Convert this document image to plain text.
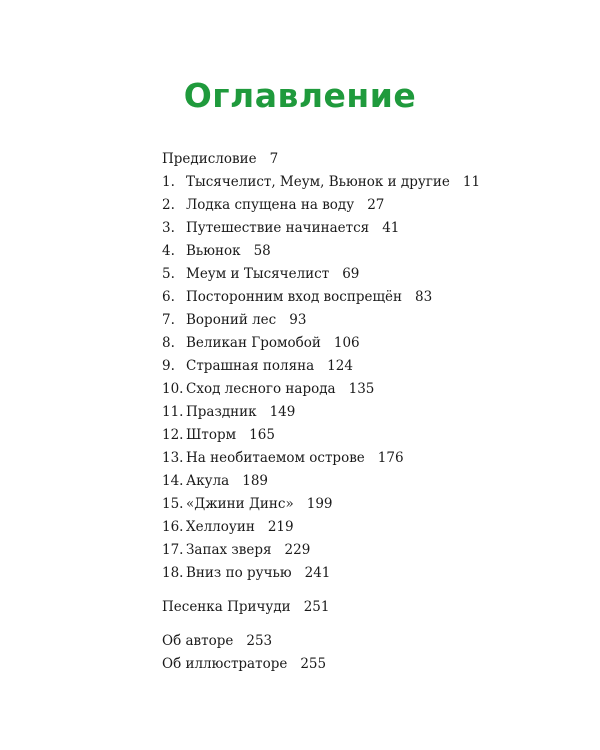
Оглавление
Предисловие 7
1. Тысячелист, Меум, Вьюнок и другие 11
2. Лодка спущена на воду 27
3. Путешествие начинается 41
4. Вьюнок 58
5. Меум и Тысячелист 69
6. Посторонним вход воспрещён 83
7. Вороний лес 93
8. Великан Громобой 106
9. Страшная поляна 124
10. Сход лесного народа 135
11. Праздник 149
12. Шторм 165
13. На необитаемом острове 176
14. Акула 189
15. «Джини Динс» 199
16. Хеллоуин 219
17. Запах зверя 229
18. Вниз по ручью 241
Песенка Причуди 251
Об авторе 253
Об иллюстраторе 255
